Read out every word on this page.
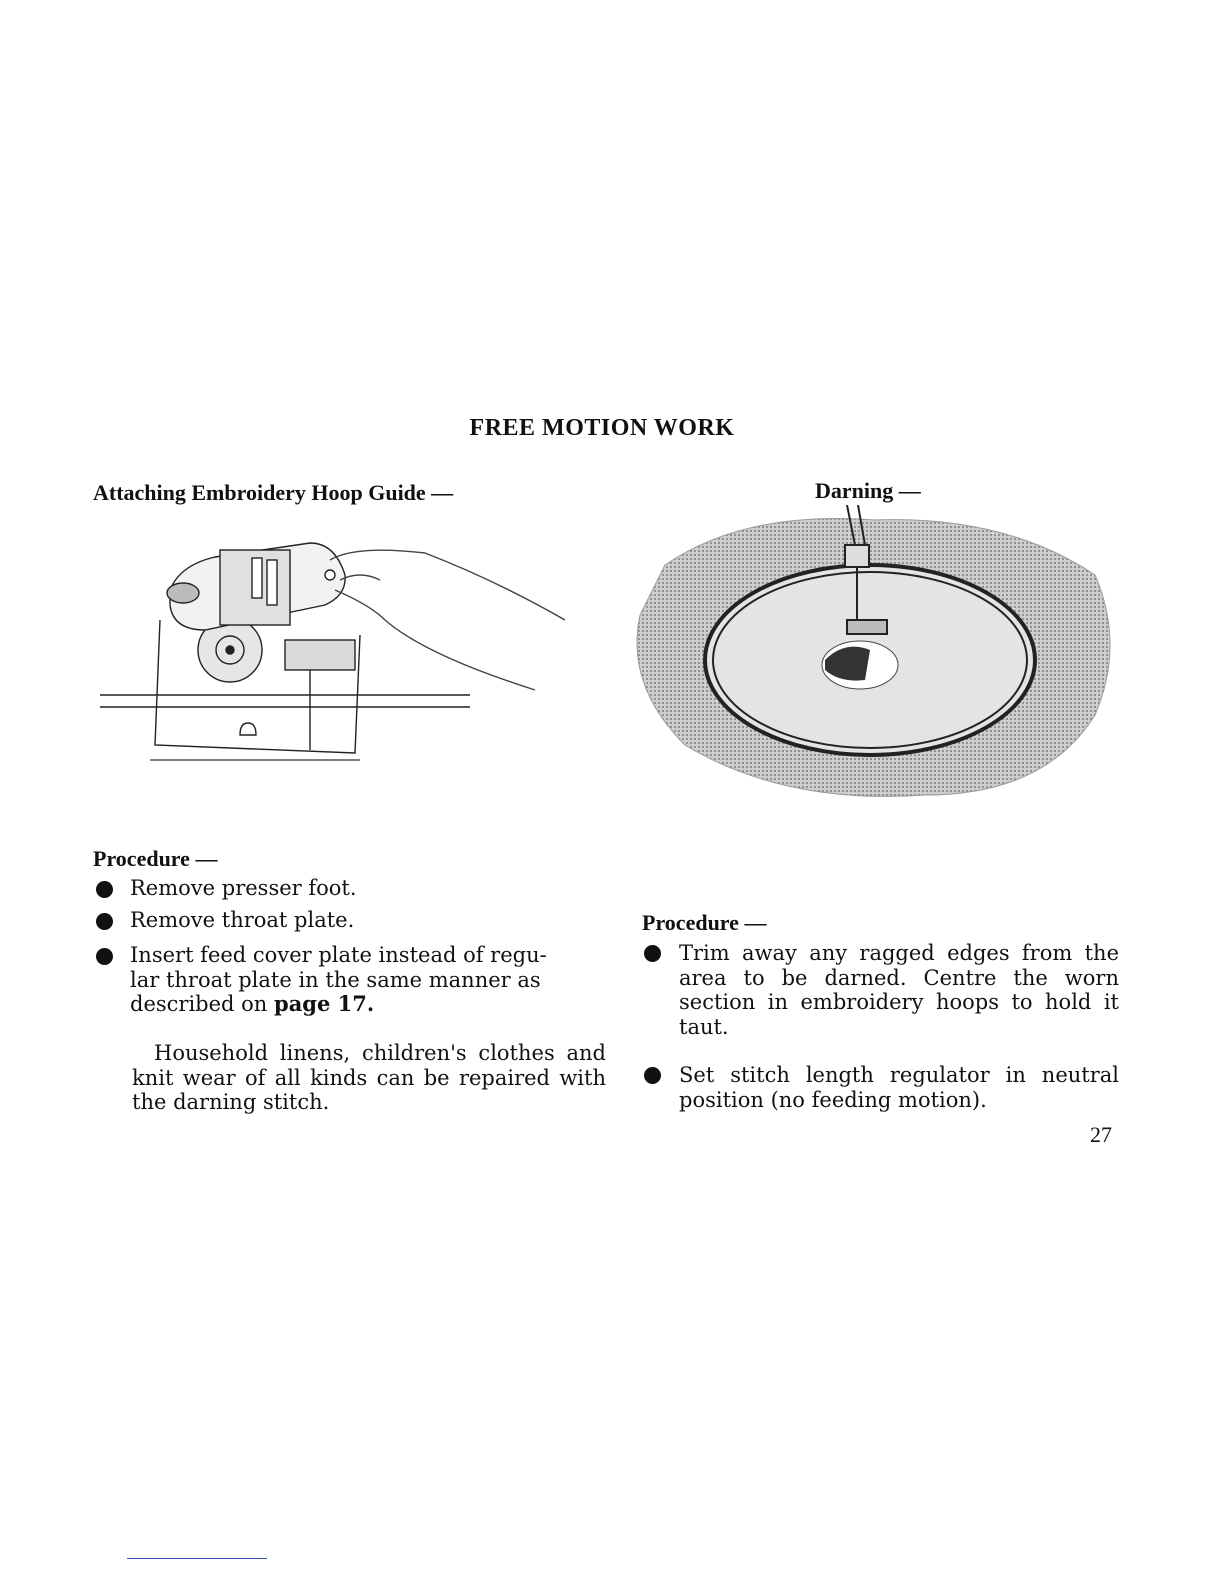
FREE MOTION WORK
Attaching Embroidery Hoop Guide —	Darning —
Procedure —
Remove presser foot.
Remove throat plate.
Insert feed cover plate instead of regu-lar throat plate in the same manner as described on page 17.
Household linens, children's clothes and knit wear of all kinds can be repaired with the darning stitch.
Procedure —
Trim away any ragged edges from the area to be darned. Centre the worn section in embroidery hoops to hold it taut.
Set stitch length regulator in neutral position (no feeding motion).
27
